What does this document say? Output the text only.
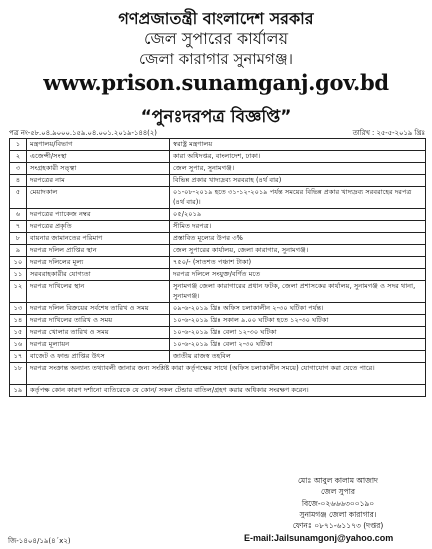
গণপ্রজাতন্ত্রী বাংলাদেশ সরকার
জেল সুপারের কার্যালয়
জেলা কারাগার সুনামগঞ্জ।
www.prison.sunamganj.gov.bd
“পুনঃদরপত্র বিজ্ঞপ্তি”
পত্র নং-৫৮.০৪.৯০০০.১৫৯.০৪.০০১.২০১৯-১৪৪(২)	তারিখ : ২৫-৫-২০১৯ খ্রিঃ
১	মন্ত্রণালয়/বিভাগ	স্বরাষ্ট্র মন্ত্রণালয়
২	এজেন্সী/সংস্থা	কারা অধিদপ্তর, বাংলাদেশ, ঢাকা।
৩	সংগ্রহকারী সত্ত্বা	জেল সুপার, সুনামগঞ্জ।
৪	দরপত্রের নাম	বিভিন্ন প্রকার খাদ্যদ্রব্য সরবরাহ (৪র্থ বার)
৫	মেয়াদকাল	০১-০৮-২০১৯ হতে ৩১-১২-২০১৯ পর্যন্ত সময়ের বিভিন্ন প্রকার খাদ্যদ্রব্য সরবরাহের দরপত্র (৪র্থ বার)।
৬	দরপত্রের প্যাকেজ নম্বর	০৫/২০১৯
৭	দরপত্রের প্রকৃতি	সীমিত দরপত্র।
৮	বায়নার জামানতের পরিমাণ	প্রস্তাবিত মূল্যের উপর ৩%
৯	দরপত্র দলিল প্রাপ্তির স্থান	জেল সুপারের কার্যালয়, জেলা কারাগার, সুনামগঞ্জ।
১০	দরপত্র দলিলের মূল্য	৭৫০/- (সাতশত পঞ্চাশ টাকা)
১১	সরবরাহকারীর যোগ্যতা	দরপত্র দলিলে সংযুক্ত/বর্ণিত মতে
১২	দরপত্র দাখিলের স্থান	সুনামগঞ্জ জেলা কারাগারের প্রধান ফটক, জেলা প্রশাসকের কার্যালয়, সুনামগঞ্জ ও সদর থানা, সুনামগঞ্জ।
১৩	দরপত্র দলিল বিক্রয়ের সর্বশেষ তারিখ ও সময়	০৯-৬-২০১৯ খ্রিঃ অফিস চলাকালীন ২-৩০ ঘটিকা পর্যন্ত।
১৪	দরপত্র দাখিলের তারিখ ও সময়	১০-৬-২০১৯ খ্রিঃ সকাল ৯.০০ ঘটিকা হতে ১২-৩০ ঘটিকা
১৫	দরপত্র খোলার তারিখ ও সময়	১০-৬-২০১৯ খ্রিঃ বেলা ১২-৩০ ঘটিকা
১৬	দরপত্র মূল্যায়ন	১০-৬-২০১৯ খ্রিঃ বেলা ২-৩০ ঘটিকা
১৭	বাজেট ও ফান্ড প্রাপ্তির উৎস	জাতীয় রাজস্ব তহবিল
১৮	দরপত্র সংক্রান্ত অন্যান্য তথ্যাবলী জানার জন্য সংশ্লিষ্ট কারা কর্তৃপক্ষের সাথে (অফিস চলাকালীন সময়ে) যোগাযোগ করা যেতে পারে।	
১৯	কর্তৃপক্ষ কোন কারণ দর্শানো ব্যতিরেকে যে কোন/ সকল টেন্ডার বাতিল/গ্রহণ করার অধিকার সংরক্ষণ করেন।	
মোঃ আবুল কালাম আজাদ
জেল সুপার
বিজে-০২৬৬৬৩০০১৯০
সুনামগঞ্জ জেলা কারাগার।
ফোনঃ ০৮৭১-৬১১৭৩ (দপ্তর)
জি-১৪০৪/১৯(৪´x২)	E-mail:Jailsunamgonj@yahoo.com
